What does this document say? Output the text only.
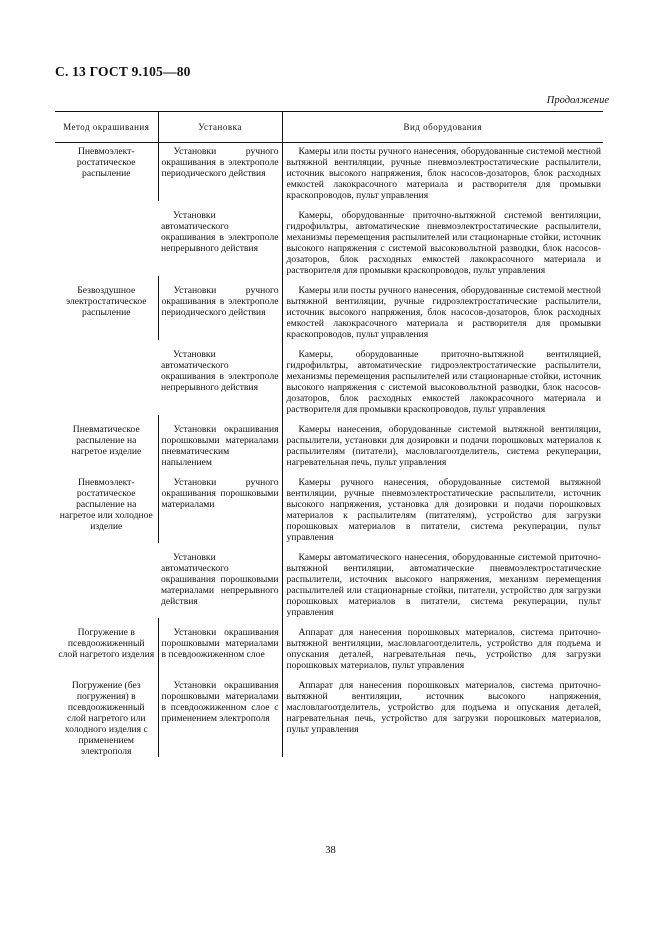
С. 13 ГОСТ 9.105—80
Продолжение
Метод окрашивания	Установка	Вид оборудования
Пневмоэлект-ростатическое распыление	Установки ручного окрашивания в электрополе периодического действия	Камеры или посты ручного нанесения, оборудованные системой местной вытяжной вентиляции, ручные пневмоэлектростатические распылители, источник высокого напряжения, блок насосов-дозаторов, блок расходных емкостей лакокрасочного материала и растворителя для промывки краскопроводов, пульт управления

	Установки автоматического окрашивания в электрополе непрерывного действия	Камеры, оборудованные приточно-вытяжной системой вентиляции, гидрофильтры, автоматические пневмоэлектростатические распылители, механизмы перемещения распылителей или стационарные стойки, источник высокого напряжения с системой высоковольтной разводки, блок насосов-дозаторов, блок расходных емкостей лакокрасочного материала и растворителя для промывки краскопроводов, пульт управления

Безвоздушное электростатическое распыление	Установки ручного окрашивания в электрополе периодического действия	Камеры или посты ручного нанесения, оборудованные системой местной вытяжной вентиляции, ручные гидроэлектростатические распылители, источник высокого напряжения, блок насосов-дозаторов, блок расходных емкостей лакокрасочного материала и растворителя для промывки краскопроводов, пульт управления

	Установки автоматического окрашивания в электрополе непрерывного действия	Камеры, оборудованные приточно-вытяжной вентиляцией, гидрофильтры, автоматические гидроэлектростатические распылители, механизмы перемещения распылителей или стационарные стойки, источник высокого напряжения с системой высоковольтной разводки, блок насосов-дозаторов, блок расходных емкостей лакокрасочного материала и растворителя для промывки краскопроводов, пульт управления

Пневматическое распыление на нагретое изделие	Установки окрашивания порошковыми материалами пневматическим напылением	Камеры нанесения, оборудованные системой вытяжной вентиляции, распылители, установки для дозировки и подачи порошковых материалов к распылителям (питатели), масловлагоотделитель, система рекуперации, нагревательная печь, пульт управления

Пневмоэлект-ростатическое распыление на нагретое или холодное изделие	Установки ручного окрашивания порошковыми материалами	Камеры ручного нанесения, оборудованные системой вытяжной вентиляции, ручные пневмоэлектростатические распылители, источник высокого напряжения, установка для дозировки и подачи порошковых материалов к распылителям (питателям), устройство для загрузки порошковых материалов в питатели, система рекуперации, пульт управления

	Установки автоматического окрашивания порошковыми материалами непрерывного действия	Камеры автоматического нанесения, оборудованные системой приточно-вытяжной вентиляции, автоматические пневмоэлектростатические распылители, источник высокого напряжения, механизм перемещения распылителей или стационарные стойки, питатели, устройство для загрузки порошковых материалов в питатели, система рекуперации, пульт управления

Погружение в псевдоожиженный слой нагретого изделия	Установки окрашивания порошковыми материалами в псевдоожиженном слое	Аппарат для нанесения порошковых материалов, система приточно-вытяжной вентиляции, масловлагоотделитель, устройство для подъема и опускания деталей, нагревательная печь, устройство для загрузки порошковых материалов, пульт управления

Погружение (без погружения) в псевдоожиженный слой нагретого или холодного изделия с применением электрополя	Установки окрашивания порошковыми материалами в псевдоожиженном слое с применением электрополя	Аппарат для нанесения порошковых материалов, система приточно-вытяжной вентиляции, источник высокого напряжения, масловлагоотделитель, устройство для подъема и опускания деталей, нагревательная печь, устройство для загрузки порошковых материалов, пульт управления
38
